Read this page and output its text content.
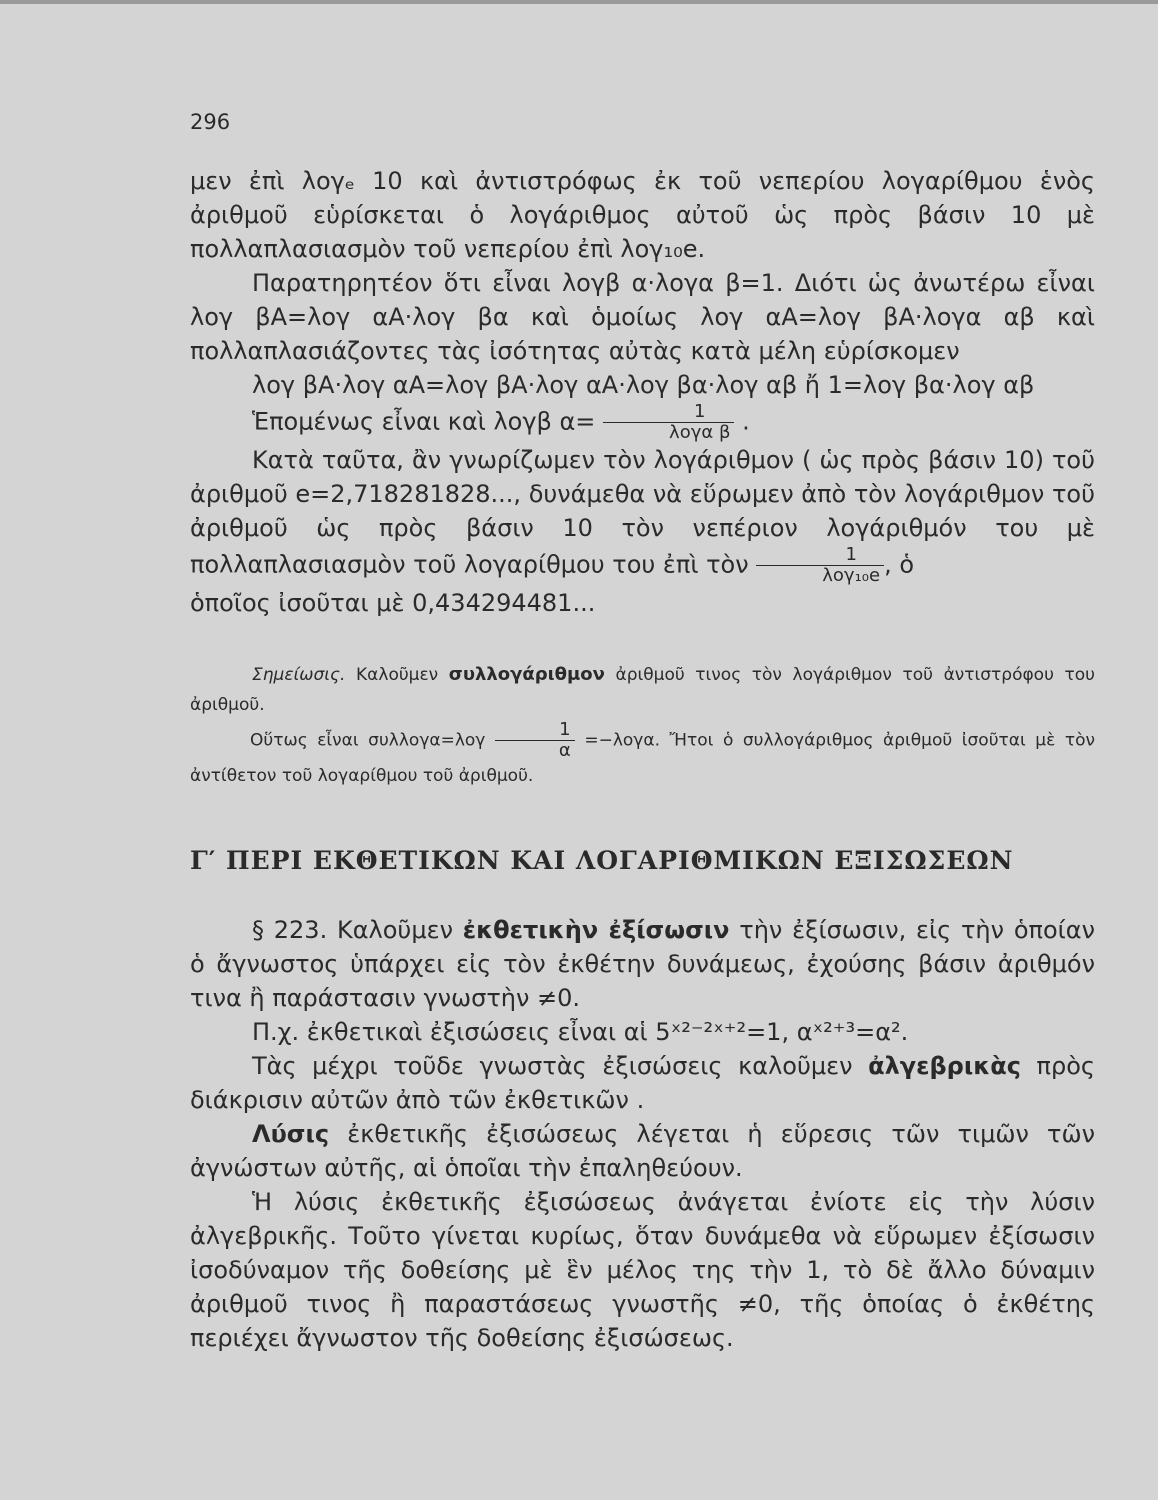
296

μεν ἐπὶ λογₑ 10 καὶ ἀντιστρόφως ἐκ τοῦ νεπερίου λογαρίθμου ἑνὸς ἀριθμοῦ εὑρίσκεται ὁ λογάριθμος αὐτοῦ ὡς πρὸς βάσιν 10 μὲ πολλαπλασιασμὸν τοῦ νεπερίου ἐπὶ λογ₁₀e.

Παρατηρητέον ὅτι εἶναι λογβ α·λογα β=1. Διότι ὡς ἀνωτέρω εἶναι λογ βA=λογ αA·λογ βα καὶ ὁμοίως λογ αA=λογ βA·λογα αβ καὶ πολλαπλασιάζοντες τὰς ἰσότητας αὐτὰς κατὰ μέλη εὑρίσκομεν

λογ βA·λογ αA=λογ βA·λογ αA·λογ βα·λογ αβ ἤ 1=λογ βα·λογ αβ

Ἑπομένως εἶναι καὶ λογβ $\alpha= \frac{1}{\text{λογα β}}$ .

Κατὰ ταῦτα, ἂν γνωρίζωμεν τὸν λογάριθμον ( ὡς πρὸς βάσιν 10) τοῦ ἀριθμοῦ e=2,718281828..., δυνάμεθα νὰ εὕρωμεν ἀπὸ τὸν λογάριθμον τοῦ ἀριθμοῦ ὡς πρὸς βάσιν 10 τὸν νεπέριον λογάριθμόν του μὲ πολλαπλασιασμὸν τοῦ λογαρίθμου του ἐπὶ τὸν $\frac{1}{\text{λογ₁₀e}}$ , ὁ

ὁποῖος ἰσοῦται μὲ 0,434294481...

Σημείωσις. Καλοῦμεν συλλογάριθμον ἀριθμοῦ τινος τὸν λογάριθμον τοῦ ἀντιστρόφου του ἀριθμοῦ.

Οὕτως εἶναι $\sigma\upsilon\lambda\lambda o\gamma\alpha=\lambda o\gamma \frac{1}{\alpha} =-\lambda o\gamma\alpha$. Ἤτοι ὁ συλλογάριθμος ἀριθμοῦ ἰσοῦται μὲ τὸν ἀντίθετον τοῦ λογαρίθμου τοῦ ἀριθμοῦ.

Γ′ ΠΕΡΙ ΕΚΘΕΤΙΚΩΝ ΚΑΙ ΛΟΓΑΡΙΘΜΙΚΩΝ ΕΞΙΣΩΣΕΩΝ

§ 223. Καλοῦμεν ἐκθετικὴν ἐξίσωσιν τὴν ἐξίσωσιν, εἰς τὴν ὁποίαν ὁ ἄγνωστος ὑπάρχει εἰς τὸν ἐκθέτην δυνάμεως, ἐχούσης βάσιν ἀριθμόν τινα ἢ παράστασιν γνωστὴν ≠0.

Π.χ. ἐκθετικαὶ ἐξισώσεις εἶναι αἱ 5ˣ²⁻²ˣ⁺²=1, αˣ²⁺³=α².

Τὰς μέχρι τοῦδε γνωστὰς ἐξισώσεις καλοῦμεν ἀλγεβρικὰς πρὸς διάκρισιν αὐτῶν ἀπὸ τῶν ἐκθετικῶν .

Λύσις ἐκθετικῆς ἐξισώσεως λέγεται ἡ εὕρεσις τῶν τιμῶν τῶν ἀγνώστων αὐτῆς, αἱ ὁποῖαι τὴν ἐπαληθεύουν.

Ἡ λύσις ἐκθετικῆς ἐξισώσεως ἀνάγεται ἐνίοτε εἰς τὴν λύσιν ἀλγεβρικῆς. Τοῦτο γίνεται κυρίως, ὅταν δυνάμεθα νὰ εὕρωμεν ἐξίσωσιν ἰσοδύναμον τῆς δοθείσης μὲ ἓν μέλος της τὴν 1, τὸ δὲ ἄλλο δύναμιν ἀριθμοῦ τινος ἢ παραστάσεως γνωστῆς ≠0, τῆς ὁποίας ὁ ἐκθέτης περιέχει ἄγνωστον τῆς δοθείσης ἐξισώσεως.
